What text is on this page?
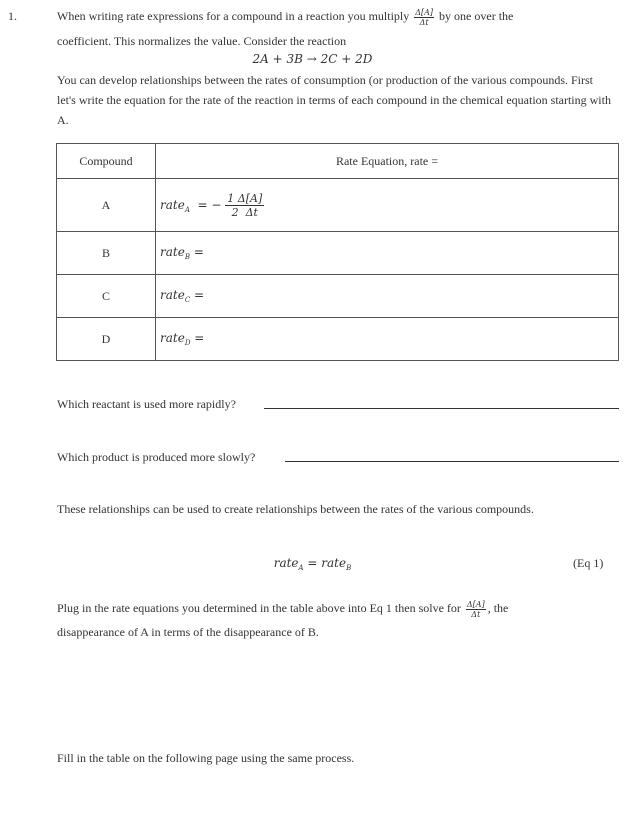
1.	When writing rate expressions for a compound in a reaction you multiply $\frac{\Delta[A]}{\Delta t}$ by one over the
coefficient. This normalizes the value. Consider the reaction
2A + 3B → 2C + 2D
You can develop relationships between the rates of consumption (or production of the various compounds. First let's write the equation for the rate of the reaction in terms of each compound in the chemical equation starting with A.
Compound	Rate Equation, rate =
A	rate$_A$ = − $\frac{1 \Delta[A]}{2 \Delta t}$
B	rate$_B$ =
C	rate$_C$ =
D	rate$_D$ =
Which reactant is used more rapidly?
Which product is produced more slowly?
These relationships can be used to create relationships between the rates of the various compounds.
rate$_A$ = rate$_B$	(Eq 1)
Plug in the rate equations you determined in the table above into Eq 1 then solve for $\frac{\Delta[A]}{\Delta t}$ , the
disappearance of A in terms of the disappearance of B.
Fill in the table on the following page using the same process.
